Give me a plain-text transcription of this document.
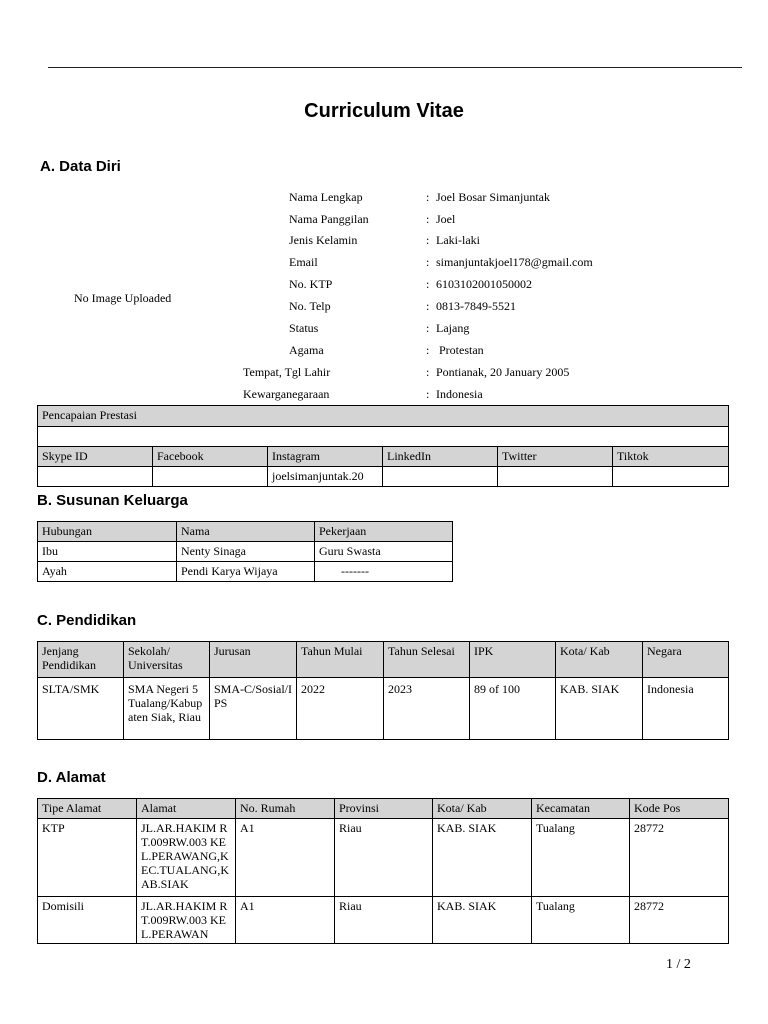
Curriculum Vitae
A. Data Diri
No Image Uploaded
Nama Lengkap	: Joel Bosar Simanjuntak
Nama Panggilan	: Joel
Jenis Kelamin	: Laki-laki
Email	: simanjuntakjoel178@gmail.com
No. KTP	: 6103102001050002
No. Telp	: 0813-7849-5521
Status	: Lajang
Agama	: Protestan
Tempat, Tgl Lahir	: Pontianak, 20 January 2005
Kewarganegaraan	: Indonesia
Pencapaian Prestasi					

Skype ID	Facebook	Instagram	LinkedIn	Twitter	Tiktok
		joelsimanjuntak.20			
B. Susunan Keluarga
Hubungan	Nama	Pekerjaan
Ibu	Nenty Sinaga	Guru Swasta
Ayah	Pendi Karya Wijaya	-------
C. Pendidikan
Jenjang Pendidikan	Sekolah/ Universitas	Jurusan	Tahun Mulai	Tahun Selesai	IPK	Kota/ Kab	Negara
SLTA/SMK	SMA Negeri 5 Tualang/Kabupaten Siak, Riau	SMA-C/Sosial/IPS	2022	2023	89 of 100	KAB. SIAK	Indonesia
D. Alamat
Tipe Alamat	Alamat	No. Rumah	Provinsi	Kota/ Kab	Kecamatan	Kode Pos
KTP	JL.AR.HAKIM RT.009RW.003 KEL.PERAWANG,KEC.TUALANG,KAB.SIAK	A1	Riau	KAB. SIAK	Tualang	28772
Domisili	JL.AR.HAKIM RT.009RW.003 KEL.PERAWAN	A1	Riau	KAB. SIAK	Tualang	28772
1 / 2
